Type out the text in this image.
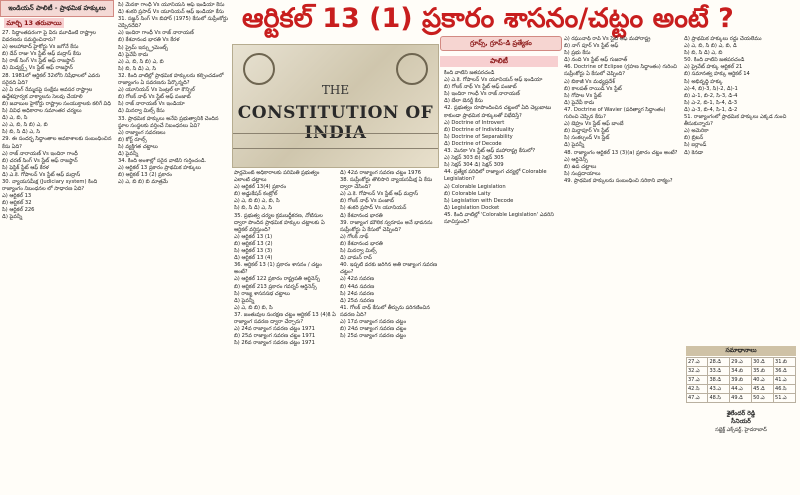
ఇండియన్ పాలిటీ - ప్రాథమిక హక్కులు
మార్చి 13 తరువాయి	ఆర్టికల్ 13 (1) ప్రకారం శాసనం/చట్టం అంటే ?
THE
CONSTITUTION OF INDIA
గ్రూప్స్, గ్రూప్-డి ప్రత్యేకం
పాలిటీ

27. సిద్ధాంతపరంగా పై వీరు మూడింటి రాష్ట్రాల వివరణను సమర్థించినారు?

ఎ) అలహాబాద్ హైకోర్టు Vs జగోనే కేసు

బి) దేవ్ రాజు Vs స్టేట్ ఆఫ్ మద్రాస్ కేసు

సి) రాజ్ సింగ్ Vs స్టేట్ ఆఫ్ రాజస్థాన్

డి) మిడ్వర్డ్స్ Vs స్టేట్ ఆఫ్ రాజస్థాన్

28. 1981లో ఆర్టికల్ 32లోని నిషేధాలలో ఎవరు సరైనది ఏది?

ఎ) ఏ రంగ్ రేమ్మనపై సంక్షేమ అవసర రాష్ట్రాల ఉద్దేశపూర్వక వాక్యాలను సెలవు చేయాలి

బి) జవాబుల హైకోర్టు రాష్ట్రాల సంయుక్తాలకు కలిగే విధి

సి) వివిధ అధికారాల సమాంతర చర్యలు

డి) ఎ, బి, సి

ఎ) ఎ, బి, సి బి) ఎ, బి

సి) బి, సి డి) ఎ, సి

29. ఈ సందర్భ సిద్ధాంతాల అవకాశాలకు సంబంధించిన కేసు ఏది?

ఎ) రాజ్ నారాయణ్ Vs ఇందిరా గాంధీ

బి) చరణ్ సింగ్ Vs స్టేట్ ఆఫ్ రాజస్థాన్

సి) ఫెస్టిక్ స్టేట్ ఆఫ్ కేరళ

డి) ఎ.కె. గోపాలన్ Vs స్టేట్ ఆఫ్ మద్రాస్

30. న్యాయసమీక్ష (Judiciary system) కింది రాజ్యాంగం నిబంధనల లో సాధారణ ఏది?

ఎ) ఆర్టికల్ 13

బి) ఆర్టికల్ 32

సి) ఆర్టికల్ 226

డి) పైవన్నీ

సి) మేనకా గాంధీ Vs యూనియన్ ఆఫ్ ఇండియా కేసు

డి) శంకరి ప్రసాద్ Vs యూనియన్ ఆఫ్ ఇండియా కేసు

31. సజ్జన్ సింగ్ Vs బిహార్ (1975) కేసులో సుప్రీంకోర్టు చెప్పినదేది?

ఎ) ఇందిరా గాంధీ Vs రాజ్ నారాయణ్

బి) కేశవానంద భారతి Vs కేరళ

సి) ప్రైమ్ ఇన్స్ట్రుమెంట్స్

డి) పైవేవీ కాదు

ఎ) ఎ, బి, సి బి) ఎ, బి

సి) బి, సి డి) ఎ, సి

32. కింది వాటిల్లో ప్రాథమిక హక్కులను కల్పించడంలో రాజ్యాంగం ఏ సవరణను పేర్కొన్నది?

ఎ) యూనియన్ Vs సెంట్రల్ లా కౌన్సిల్

బి) గోలక్ నాథ్ Vs స్టేట్ ఆఫ్ పంజాబ్

సి) రాజ్ నారాయణ్ Vs ఇండియా

డి) మినర్వా మిల్స్ కేసు

33. ప్రాథమిక హక్కులు అనేవి ప్రభుత్వానికి చెందిన స్థూల సంస్థలకు వర్తించే నిబంధనలు ఏవి?

ఎ) రాజ్యాంగ సవరణలు

బి) కోర్ట్ రూల్స్

సి) వ్యక్తిగత చట్టాలు

డి) పైవన్నీ

34. కింది అంశాల్లో సరైన వాటిని గుర్తించండి.

ఎ) ఆర్టికల్ 13 ప్రకారం ప్రాథమిక హక్కులు

బి) ఆర్టికల్ 13 (2) ప్రకారం

ఎ) ఎ, బి బి) బి మాత్రమే

పార్లమెంట్ అధికారాలకు పరిమితి ప్రభుత్వం ఎలాంటి చట్టాలు

ఎ) ఆర్టికల్ 13(4) ప్రకారం

బి) అడ్జుకేషన్ కంట్రోల్

ఎ) ఎ, బి బి) ఎ, బి, సి

సి) బి, సి డి) ఎ, సి

35. ప్రభుత్వ చర్యల క్రమబద్ధీకరణ, నోటిసుల ద్వారా పొందిన ప్రాథమిక హక్కుల చట్టాలకు ఏ ఆర్టికల్ వర్తిస్తుంది?

ఎ) ఆర్టికల్ 13 (1)

బి) ఆర్టికల్ 13 (2)

సి) ఆర్టికల్ 13 (3)

డి) ఆర్టికల్ 13 (4)

36. ఆర్టికల్ 13 (1) ప్రకారం శాసనం / చట్టం అంటే?

ఎ) ఆర్టికల్ 122 ప్రకారం రాష్ట్రపతి ఆర్డినెన్స్

బి) ఆర్టికల్ 213 ప్రకారం గవర్నర్ ఆర్డినెన్స్

సి) రాజ్య శాసనసభ చట్టాలు

డి) పైవన్నీ

ఎ) ఎ, బి బి) బి, సి

37. జంతువుల సంరక్షణ చట్టం ఆర్టికల్ 13 (4)కి ఏ రాజ్యాంగ సవరణ ద్వారా చేర్చారు?

ఎ) 24వ రాజ్యాంగ సవరణ చట్టం 1971

బి) 25వ రాజ్యాంగ సవరణ చట్టం 1971

సి) 26వ రాజ్యాంగ సవరణ చట్టం 1971

డి) 42వ రాజ్యాంగ సవరణ చట్టం 1976

38. సుప్రీంకోర్టు తొలిసారి న్యాయసమీక్ష ఏ కేసు ద్వారా చేసింది?

ఎ) ఎ.కె. గోపాలన్ Vs స్టేట్ ఆఫ్ మద్రాస్

బి) గోలక్ నాథ్ Vs పంజాబ్

సి) శంకరి ప్రసాద్ Vs యూనియన్

డి) కేశవానంద భారతి

39. రాజ్యాంగ మౌలిక స్వరూపం అనే భావనను సుప్రీంకోర్టు ఏ కేసులో చెప్పింది?

ఎ) గోలక్ నాథ్

బి) కేశవానంద భారతి

సి) మినర్వా మిల్స్

డి) వామన్ రావ్

40. ఇప్పటి వరకు జరిగిన అతి రాజ్యాంగ సవరణ చట్టం?

ఎ) 42వ సవరణ

బి) 44వ సవరణ

సి) 24వ సవరణ

డి) 25వ సవరణ

41. గోలక్ నాథ్ కేసులో తీర్పును పరిగణించిన సవరణ ఏది?

ఎ) 17వ రాజ్యాంగ సవరణ చట్టం

బి) 24వ రాజ్యాంగ సవరణ చట్టం

సి) 25వ రాజ్యాంగ సవరణ చట్టం

కింది వాటిని జతపరచండి

ఎ) ఎ.కె. గోపాలన్ Vs యూనియన్ ఆఫ్ ఇండియా

బి) గోలక్ నాథ్ Vs స్టేట్ ఆఫ్ పంజాబ్

సి) ఇందిరా గాంధీ Vs రాజ్ నారాయణ్

డి) బేలా బెనర్జీ కేసు

42. ప్రభుత్వం రూపొందించిన చట్టంలో ఏది చెల్లుబాటు కాకుండా ప్రాథమిక హక్కులతో విభేదిస్తే?

ఎ) Doctrine of Introvert

బి) Doctrine of Individuality

సి) Doctrine of Separability

డి) Doctrine of Decode

43. మెనకా Vs స్టేట్ ఆఫ్ మహారాష్ట్ర కేసులో?

ఎ) సెక్షన్ 303 బి) సెక్షన్ 305

సి) సెక్షన్ 304 డి) సెక్షన్ 309

44. ప్రత్యేక పరిధిలో రాజ్యాంగ చర్యల్లో Colorable Legislation?

ఎ) Colorable Legislation

బి) Colorable Laity

సి) Legislation with Decode

డి) Legislation Docket

45. కింది వాటిల్లో 'Colorable Legislation' ఎవరిని సూచిస్తుంది?

ఎ) రఘునాథ్ రావ్ Vs స్టేట్ ఆఫ్ మహారాష్ట్ర

బి) నాగ్ పూర్ Vs స్టేట్ ఆఫ్

సి) ప్రభు కేసు

డి) నంది Vs స్టేట్ ఆఫ్ గుజరాత్

46. Doctrine of Eclipse (గ్రహణ సిద్ధాంతం) గురించి సుప్రీంకోర్టు ఏ కేసులో చెప్పింది?

ఎ) బికాజీ Vs మధ్యప్రదేశ్

బి) కాలపత్ రాయిడ్ Vs స్టేట్

సి) గోపాల Vs స్టేట్

డి) పైవేవీ కాదు

47. Doctrine of Wavier (పరిత్యాగ సిద్ధాంతం) గురించి చెప్పిన కేసు?

ఎ) బెహ్రం Vs స్టేట్ ఆఫ్ బాంబే

బి) మిర్జాపూర్ Vs స్టేట్

సి) సంకల్చంద్ Vs స్టేట్

డి) పైవన్నీ

48. రాజ్యాంగం ఆర్టికల్ 13 (3)(a) ప్రకారం చట్టం అంటే?

ఎ) ఆర్డినెన్స్

బి) ఉప చట్టాలు

సి) సంప్రదాయాలు

49. ప్రాథమిక హక్కులను సంబంధించి సరికాని వాక్యం?

డి) ప్రాథమిక హక్కులు రద్దు చేయలేము

ఎ) ఎ, బి, సి బి) ఎ, బి, డి

సి) బి, సి డి) ఎ, బి

50. కింది వాటిని జతపరచండి

ఎ) ప్రైవేట్ హక్కు ఆర్టికల్ 21

బి) సమానత్వ హక్కు ఆర్టికల్ 14

సి) అభివృద్ధి హక్కు

ఎ)-4, బి)-3, సి)-2, డి)-1

బి) ఎ-1, బి-2, సి-3, డి-4

సి) ఎ-2, బి-1, సి-4, డి-3

డి) ఎ-3, బి-4, సి-1, డి-2

51. రాజ్యాంగంలో ప్రాథమిక హక్కులు ఎక్కడ నుంచి తీసుకున్నారు?

ఎ) అమెరికా

బి) బ్రిటన్

సి) ఐర్లాండ్

డి) కెనడా

సమాధానాలు
27.ఎ	28.డి	29.ఎ	30.డి	31.బి
32.ఎ	33.డి	34.బి	35.బి	36.డి
37.ఎ	38.డి	39.బి	40.ఎ	41.ఎ
42.సి	43.ఎ	44.ఎ	45.డి	46.సి
47.ఎ	48.సి	49.డి	50.ఎ	51.ఎ
శైలేందర్ రెడ్డి
సీనియర్
సబ్జెక్ట్ ఎక్స్‌పర్ట్, హైదరాబాద్
